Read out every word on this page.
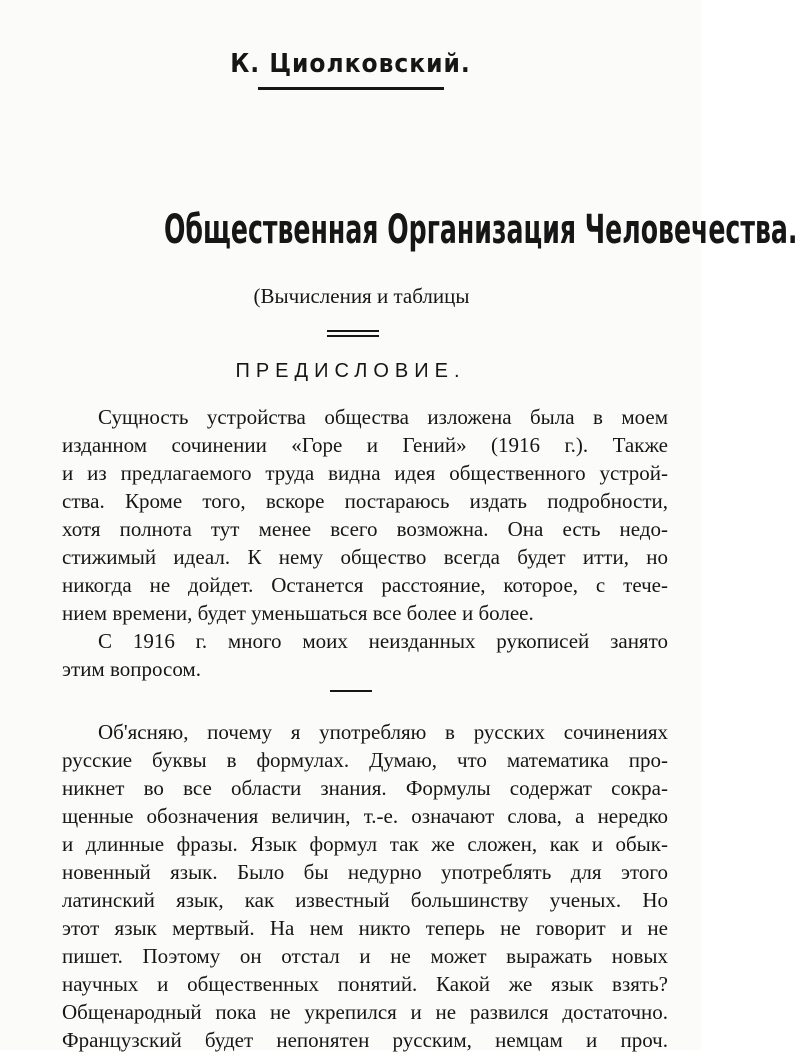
К. Циолковский.
Общественная Организация Человечества.
(Вычисления и таблицы
ПРЕДИСЛОВИЕ.
Сущность устройства общества изложена была в моем
изданном сочинении «Горе и Гений» (1916 г.). Также
и из предлагаемого труда видна идея общественного устрой-
ства. Кроме того, вскоре постараюсь издать подробности,
хотя полнота тут менее всего возможна. Она есть недо-
стижимый идеал. К нему общество всегда будет итти, но
никогда не дойдет. Останется расстояние, которое, с тече-
нием времени, будет уменьшаться все более и более.
С 1916 г. много моих неизданных рукописей занято
этим вопросом.
Об'ясняю, почему я употребляю в русских сочинениях
русские буквы в формулах. Думаю, что математика про-
никнет во все области знания. Формулы содержат сокра-
щенные обозначения величин, т.-е. означают слова, а нередко
и длинные фразы. Язык формул так же сложен, как и обык-
новенный язык. Было бы недурно употреблять для этого
латинский язык, как известный большинству ученых. Но
этот язык мертвый. На нем никто теперь не говорит и не
пишет. Поэтому он отстал и не может выражать новых
научных и общественных понятий. Какой же язык взять?
Общенародный пока не укрепился и не развился достаточно.
Французский будет непонятен русским, немцам и проч.
